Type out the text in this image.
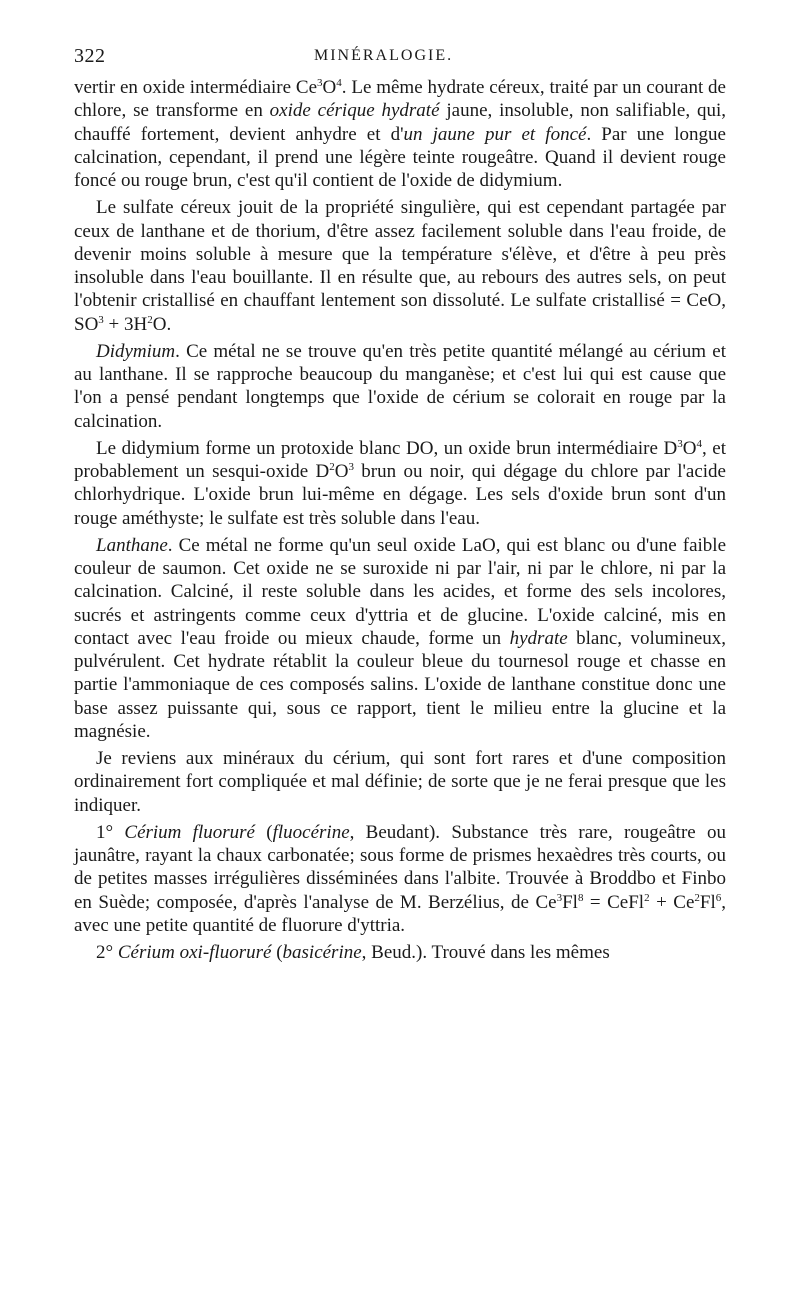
322	MINÉRALOGIE.

vertir en oxide intermédiaire $Ce^3O^4$. Le même hydrate céreux, traité par un courant de chlore, se transforme en oxide cérique hydraté jaune, insoluble, non salifiable, qui, chauffé fortement, devient anhydre et d'un jaune pur et foncé. Par une longue calcination, cependant, il prend une légère teinte rougeâtre. Quand il devient rouge foncé ou rouge brun, c'est qu'il contient de l'oxide de didymium.

Le sulfate céreux jouit de la propriété singulière, qui est cependant partagée par ceux de lanthane et de thorium, d'être assez facilement soluble dans l'eau froide, de devenir moins soluble à mesure que la température s'élève, et d'être à peu près insoluble dans l'eau bouillante. Il en résulte que, au rebours des autres sels, on peut l'obtenir cristallisé en chauffant lentement son dissoluté. Le sulfate cristallisé = CeO, $SO^3 + 3H^2O$.

Didymium. Ce métal ne se trouve qu'en très petite quantité mélangé au cérium et au lanthane. Il se rapproche beaucoup du manganèse; et c'est lui qui est cause que l'on a pensé pendant longtemps que l'oxide de cérium se colorait en rouge par la calcination.

Le didymium forme un protoxide blanc DO, un oxide brun intermédiaire $D^3O^4$, et probablement un sesqui-oxide $D^2O^3$ brun ou noir, qui dégage du chlore par l'acide chlorhydrique. L'oxide brun lui-même en dégage. Les sels d'oxide brun sont d'un rouge améthyste; le sulfate est très soluble dans l'eau.

Lanthane. Ce métal ne forme qu'un seul oxide LaO, qui est blanc ou d'une faible couleur de saumon. Cet oxide ne se suroxide ni par l'air, ni par le chlore, ni par la calcination. Calciné, il reste soluble dans les acides, et forme des sels incolores, sucrés et astringents comme ceux d'yttria et de glucine. L'oxide calciné, mis en contact avec l'eau froide ou mieux chaude, forme un hydrate blanc, volumineux, pulvérulent. Cet hydrate rétablit la couleur bleue du tournesol rouge et chasse en partie l'ammoniaque de ces composés salins. L'oxide de lanthane constitue donc une base assez puissante qui, sous ce rapport, tient le milieu entre la glucine et la magnésie.

Je reviens aux minéraux du cérium, qui sont fort rares et d'une composition ordinairement fort compliquée et mal définie; de sorte que je ne ferai presque que les indiquer.

1° Cérium fluoruré (fluocérine, Beudant). Substance très rare, rougeâtre ou jaunâtre, rayant la chaux carbonatée; sous forme de prismes hexaèdres très courts, ou de petites masses irrégulières disséminées dans l'albite. Trouvée à Broddbo et Finbo en Suède; composée, d'après l'analyse de M. Berzélius, de $Ce^3Fl^8$ = CeFl$^2$ + $Ce^2Fl^6$, avec une petite quantité de fluorure d'yttria.

2° Cérium oxi-fluoruré (basicérine, Beud.). Trouvé dans les mêmes
